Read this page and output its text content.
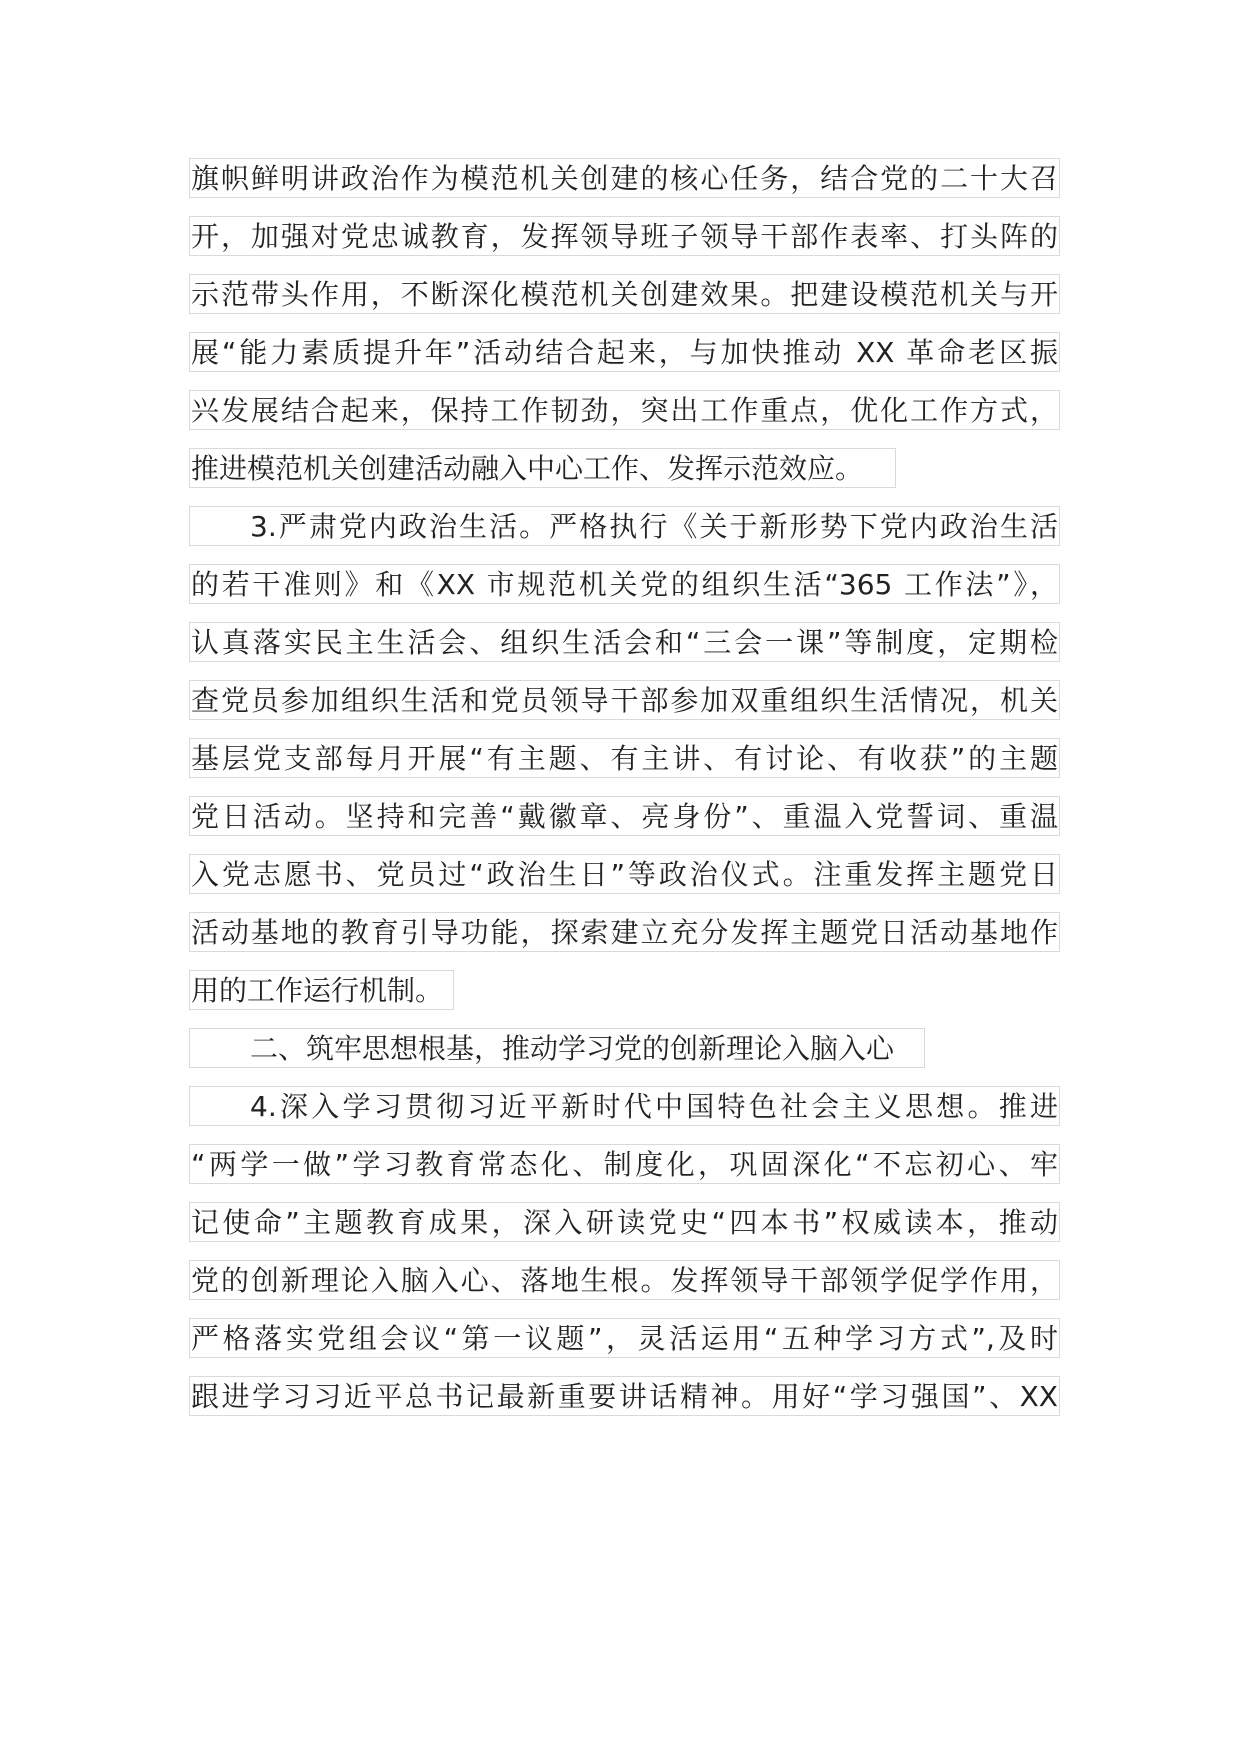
旗帜鲜明讲政治作为模范机关创建的核心任务，结合党的二十大召
开，加强对党忠诚教育，发挥领导班子领导干部作表率、打头阵的
示范带头作用，不断深化模范机关创建效果。把建设模范机关与开
展“能力素质提升年”活动结合起来，与加快推动 XX 革命老区振
兴发展结合起来，保持工作韧劲，突出工作重点，优化工作方式，
推进模范机关创建活动融入中心工作、发挥示范效应。
3.严肃党内政治生活。严格执行《关于新形势下党内政治生活
的若干准则》和《XX 市规范机关党的组织生活“365 工作法”》，
认真落实民主生活会、组织生活会和“三会一课”等制度，定期检
查党员参加组织生活和党员领导干部参加双重组织生活情况，机关
基层党支部每月开展“有主题、有主讲、有讨论、有收获”的主题
党日活动。坚持和完善“戴徽章、亮身份”、重温入党誓词、重温
入党志愿书、党员过“政治生日”等政治仪式。注重发挥主题党日
活动基地的教育引导功能，探索建立充分发挥主题党日活动基地作
用的工作运行机制。
二、筑牢思想根基，推动学习党的创新理论入脑入心
4.深入学习贯彻习近平新时代中国特色社会主义思想。推进
“两学一做”学习教育常态化、制度化，巩固深化“不忘初心、牢
记使命”主题教育成果，深入研读党史“四本书”权威读本，推动
党的创新理论入脑入心、落地生根。发挥领导干部领学促学作用，
严格落实党组会议“第一议题”，灵活运用“五种学习方式”,及时
跟进学习习近平总书记最新重要讲话精神。用好“学习强国”、XX
